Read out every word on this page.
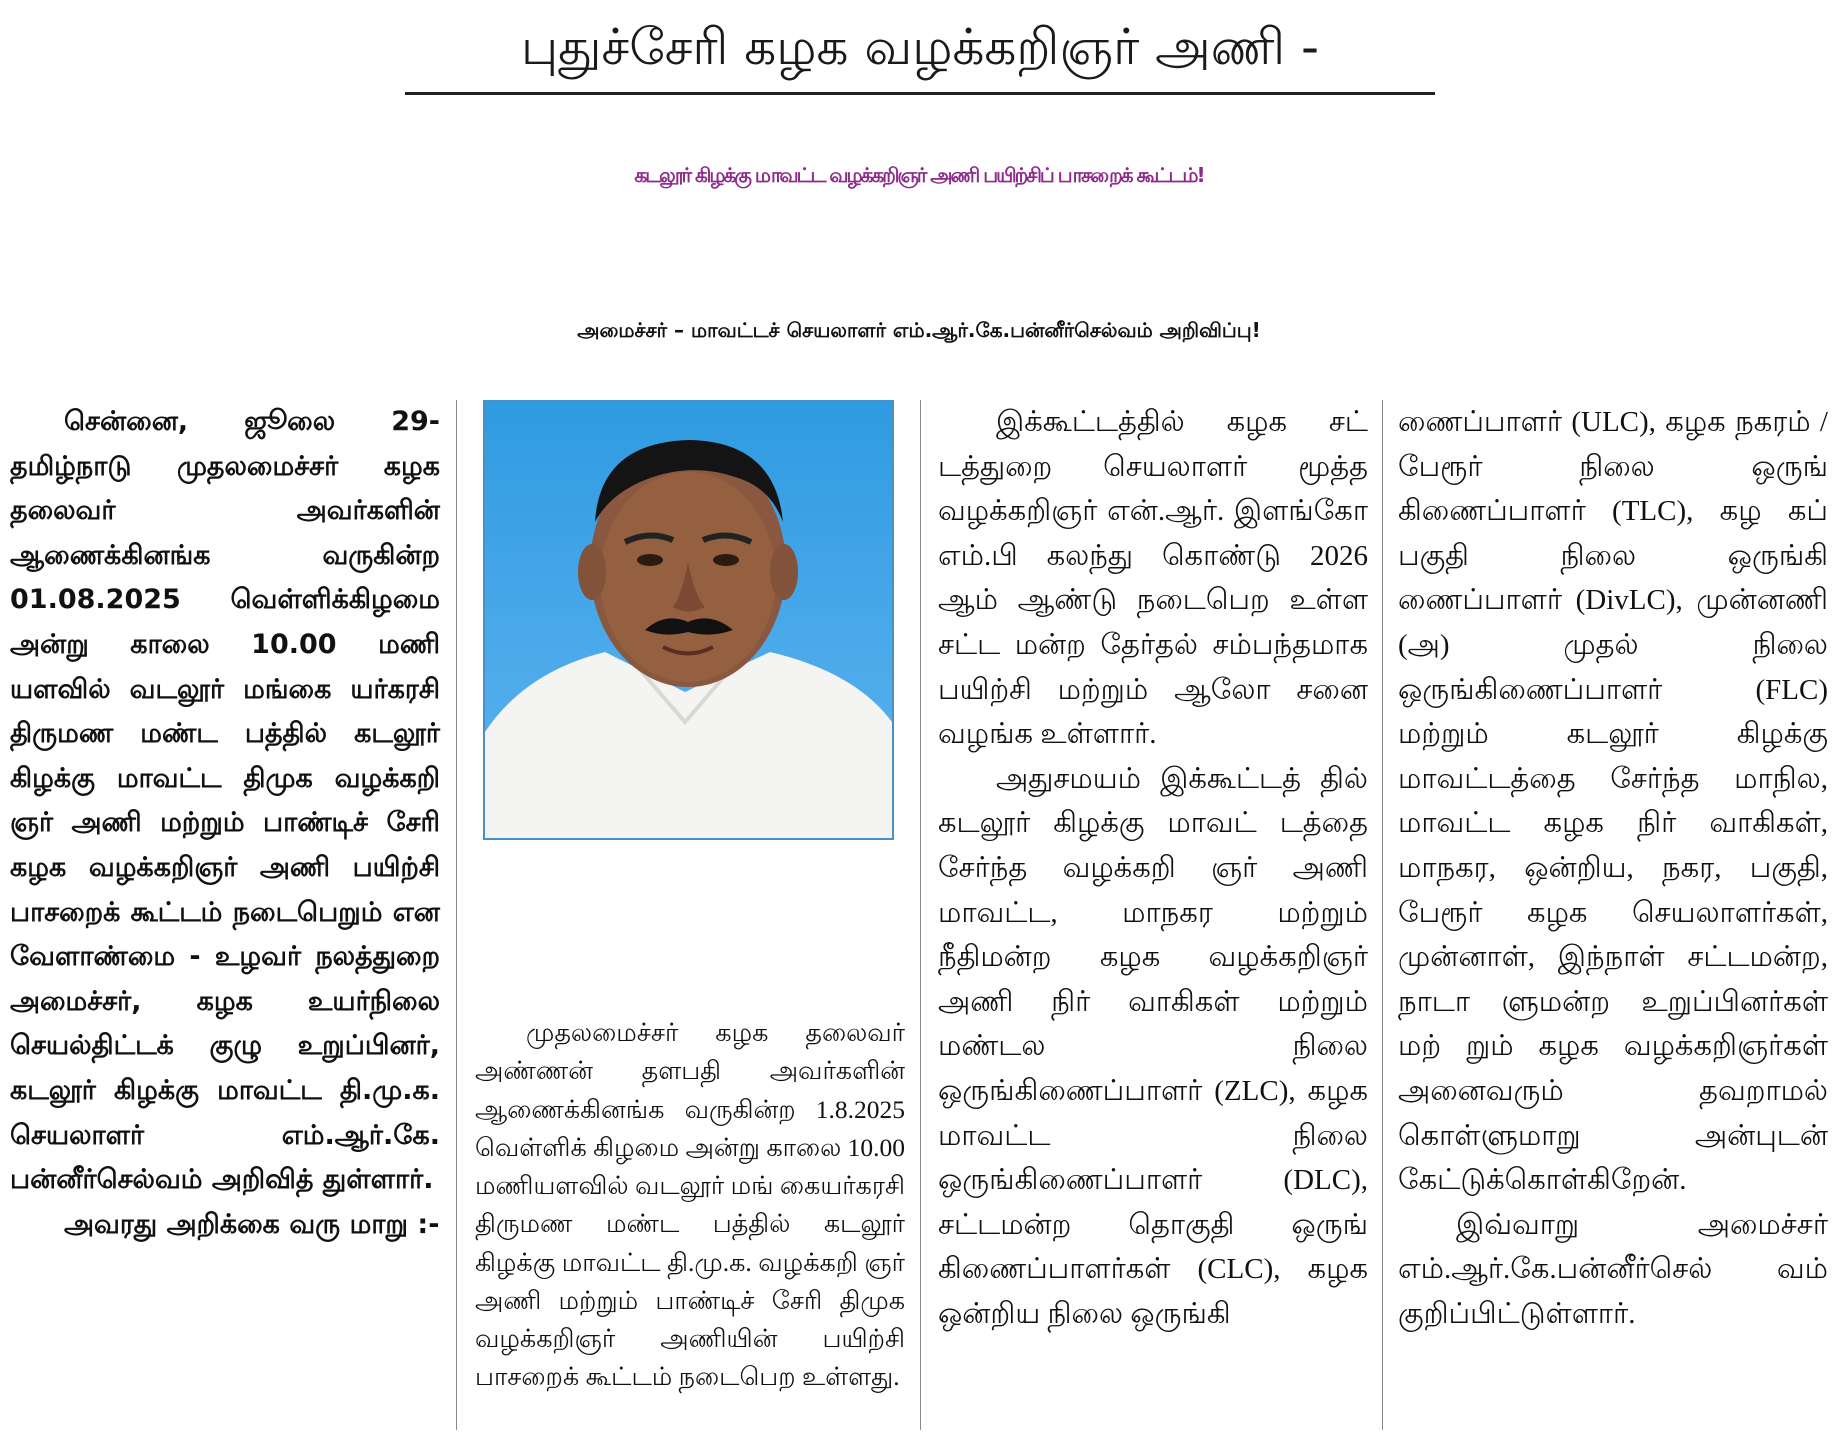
புதுச்சேரி கழக வழக்கறிஞர் அணி -
கடலூர் கிழக்கு மாவட்ட வழக்கறிஞர் அணி பயிற்சிப் பாசறைக் கூட்டம்!
அமைச்சர் – மாவட்டச் செயலாளர் எம்.ஆர்.கே.பன்னீர்செல்வம் அறிவிப்பு!

சென்னை, ஜூலை 29- தமிழ்நாடு முதலமைச்சர் கழக தலைவர் அவர்களின் ஆணைக்கினங்க வருகின்ற 01.08.2025 வெள்ளிக்கிழமை அன்று காலை 10.00 மணி யளவில் வடலூர் மங்கை யர்கரசி திருமண மண்ட பத்தில் கடலூர் கிழக்கு மாவட்ட திமுக வழக்கறி ஞர் அணி மற்றும் பாண்டிச் சேரி கழக வழக்கறிஞர் அணி பயிற்சி பாசறைக் கூட்டம் நடைபெறும் என வேளாண்மை - உழவர் நலத்துறை அமைச்சர், கழக உயர்நிலை செயல்திட்டக் குழு உறுப்பினர், கடலூர் கிழக்கு மாவட்ட தி.மு.க. செயலாளர் எம்.ஆர்.கே. பன்னீர்செல்வம் அறிவித் துள்ளார்.

அவரது அறிக்கை வரு மாறு :-

முதலமைச்சர் கழக தலைவர் அண்ணன் தளபதி அவர்களின் ஆணைக்கினங்க வருகின்ற 1.8.2025 வெள்ளிக் கிழமை அன்று காலை 10.00 மணியளவில் வடலூர் மங் கையர்கரசி திருமண மண்ட பத்தில் கடலூர் கிழக்கு மாவட்ட தி.மு.க. வழக்கறி ஞர் அணி மற்றும் பாண்டிச் சேரி திமுக வழக்கறிஞர் அணியின் பயிற்சி பாசறைக் கூட்டம் நடைபெற உள்ளது.

இக்கூட்டத்தில் கழக சட் டத்துறை செயலாளர் மூத்த வழக்கறிஞர் என்.ஆர். இளங்கோ எம்.பி கலந்து கொண்டு 2026 ஆம் ஆண்டு நடைபெற உள்ள சட்ட மன்ற தேர்தல் சம்பந்தமாக பயிற்சி மற்றும் ஆலோ சனை வழங்க உள்ளார்.

அதுசமயம் இக்கூட்டத் தில் கடலூர் கிழக்கு மாவட் டத்தை சேர்ந்த வழக்கறி ஞர் அணி மாவட்ட, மாநகர மற்றும் நீதிமன்ற கழக வழக்கறிஞர் அணி நிர் வாகிகள் மற்றும் மண்டல நிலை ஒருங்கிணைப்பாளர் (ZLC), கழக மாவட்ட நிலை ஒருங்கிணைப்பாளர் (DLC), சட்டமன்ற தொகுதி ஒருங் கிணைப்பாளர்கள் (CLC), கழக ஒன்றிய நிலை ஒருங்கி

ணைப்பாளர் (ULC), கழக நகரம் / பேரூர் நிலை ஒருங் கிணைப்பாளர் (TLC), கழ கப் பகுதி நிலை ஒருங்கி ணைப்பாளர் (DivLC), முன்னணி (அ) முதல் நிலை ஒருங்கிணைப்பாளர் (FLC) மற்றும் கடலூர் கிழக்கு மாவட்டத்தை சேர்ந்த மாநில, மாவட்ட கழக நிர் வாகிகள், மாநகர, ஒன்றிய, நகர, பகுதி, பேரூர் கழக செயலாளர்கள், முன்னாள், இந்நாள் சட்டமன்ற, நாடா ளுமன்ற உறுப்பினர்கள் மற் றும் கழக வழக்கறிஞர்கள் அனைவரும் தவறாமல் கொள்ளுமாறு அன்புடன் கேட்டுக்கொள்கிறேன்.

இவ்வாறு அமைச்சர் எம்.ஆர்.கே.பன்னீர்செல் வம் குறிப்பிட்டுள்ளார்.
